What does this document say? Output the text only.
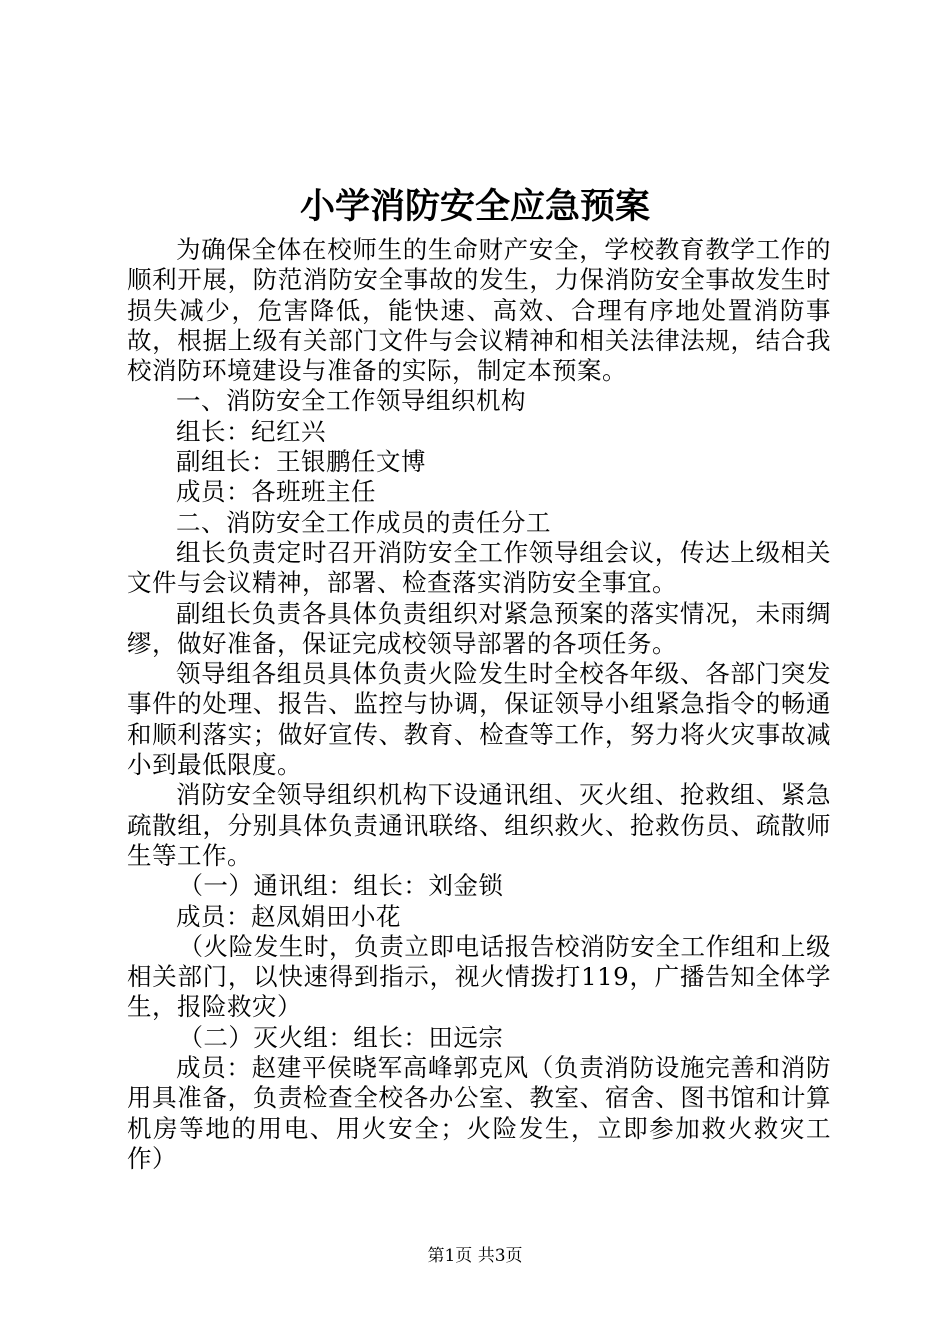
小学消防安全应急预案

为确保全体在校师生的生命财产安全，学校教育教学工作的顺利开展，防范消防安全事故的发生，力保消防安全事故发生时损失减少，危害降低，能快速、高效、合理有序地处置消防事故，根据上级有关部门文件与会议精神和相关法律法规，结合我校消防环境建设与准备的实际，制定本预案。

一、消防安全工作领导组织机构

组长：纪红兴

副组长：王银鹏任文博

成员：各班班主任

二、消防安全工作成员的责任分工

组长负责定时召开消防安全工作领导组会议，传达上级相关文件与会议精神，部署、检查落实消防安全事宜。

副组长负责各具体负责组织对紧急预案的落实情况，未雨绸缪，做好准备，保证完成校领导部署的各项任务。

领导组各组员具体负责火险发生时全校各年级、各部门突发事件的处理、报告、监控与协调，保证领导小组紧急指令的畅通和顺利落实；做好宣传、教育、检查等工作，努力将火灾事故减小到最低限度。

消防安全领导组织机构下设通讯组、灭火组、抢救组、紧急疏散组，分别具体负责通讯联络、组织救火、抢救伤员、疏散师生等工作。

（一）通讯组：组长：刘金锁

成员：赵凤娟田小花

（火险发生时，负责立即电话报告校消防安全工作组和上级相关部门，以快速得到指示，视火情拨打119，广播告知全体学生，报险救灾）

（二）灭火组：组长：田远宗

成员：赵建平侯晓军高峰郭克风（负责消防设施完善和消防用具准备，负责检查全校各办公室、教室、宿舍、图书馆和计算机房等地的用电、用火安全；火险发生，立即参加救火救灾工作）

第1页 共3页
